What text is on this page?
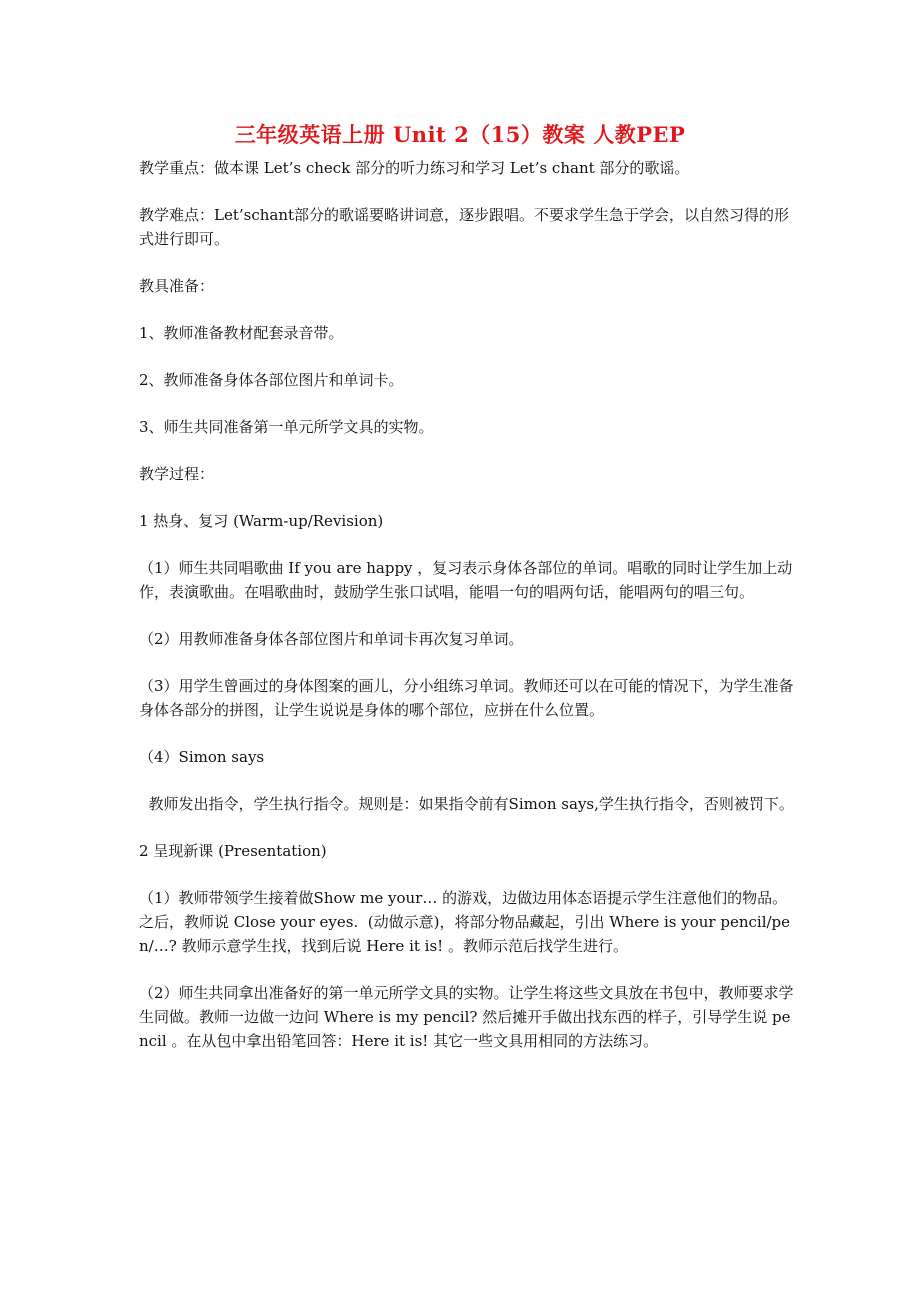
三年级英语上册 Unit 2（15）教案 人教PEP

教学重点：做本课 Let’s check 部分的听力练习和学习 Let’s chant 部分的歌谣。

教学难点：Let’schant部分的歌谣要略讲词意，逐步跟唱。不要求学生急于学会，以自然习得的形式进行即可。

教具准备：

1、教师准备教材配套录音带。

2、教师准备身体各部位图片和单词卡。

3、师生共同准备第一单元所学文具的实物。

教学过程：

1 热身、复习 (Warm-up/Revision)

（1）师生共同唱歌曲 If you are happy ，复习表示身体各部位的单词。唱歌的同时让学生加上动作，表演歌曲。在唱歌曲时，鼓励学生张口试唱，能唱一句的唱两句话，能唱两句的唱三句。

（2）用教师准备身体各部位图片和单词卡再次复习单词。

（3）用学生曾画过的身体图案的画儿，分小组练习单词。教师还可以在可能的情况下，为学生准备身体各部分的拼图，让学生说说是身体的哪个部位，应拼在什么位置。

（4）Simon says

教师发出指令，学生执行指令。规则是：如果指令前有Simon says,学生执行指令，否则被罚下。

2 呈现新课 (Presentation)

（1）教师带领学生接着做Show me your… 的游戏，边做边用体态语提示学生注意他们的物品。之后，教师说 Close your eyes.  (动做示意)，将部分物品藏起，引出 Where is your pencil/pen/…? 教师示意学生找，找到后说 Here it is! 。教师示范后找学生进行。

（2）师生共同拿出准备好的第一单元所学文具的实物。让学生将这些文具放在书包中，教师要求学生同做。教师一边做一边问 Where is my pencil? 然后摊开手做出找东西的样子，引导学生说 pencil 。在从包中拿出铅笔回答：Here it is! 其它一些文具用相同的方法练习。
